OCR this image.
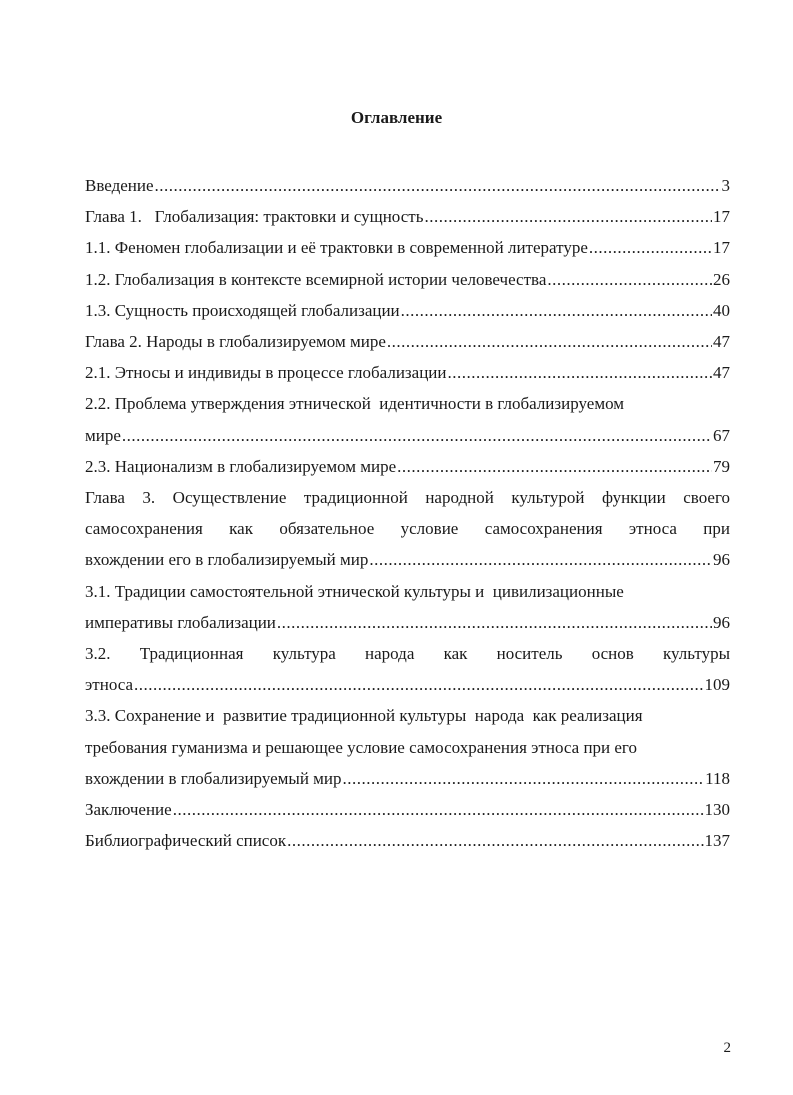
Оглавление
Введение .....	3
Глава 1.   Глобализация: трактовки и сущность .....	17
1.1. Феномен глобализации и её трактовки в современной литературе .....	17
1.2. Глобализация в контексте всемирной истории человечества .....	26
1.3. Сущность происходящей глобализации .....	40
Глава 2. Народы в глобализируемом мире .....	47
2.1. Этносы и индивиды в процессе глобализации .....	47
2.2. Проблема утверждения этнической  идентичности в глобализируемом
мире .....	67
2.3. Национализм в глобализируемом мире .....	79
Глава 3. Осуществление традиционной народной культурой функции своего
самосохранения как обязательное условие самосохранения этноса при
вхождении его в глобализируемый мир .....	96
3.1. Традиции самостоятельной этнической культуры и  цивилизационные
императивы глобализации .....	96
3.2. Традиционная культура народа как носитель основ культуры
этноса .....	109
3.3. Сохранение и  развитие традиционной культуры  народа  как реализация
требования гуманизма и решающее условие самосохранения этноса при его
вхождении в глобализируемый мир .....	118
Заключение .....	130
Библиографический список .....	137
2
